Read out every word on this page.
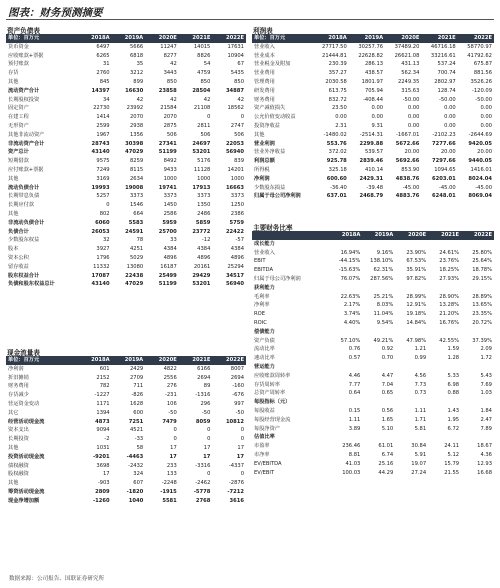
图表：财务预测摘要
资产负债表
单位：百万元	2018A	2019A	2020E	2021E	2022E
货币资金	6497	5666	11247	14015	17631
应收账款+票据	6265	6818	8277	8826	10904
预付账款	31	35	42	54	67
存货	2760	3212	3443	4759	5435
其他	845	899	850	850	850
流动资产合计	14397	16630	23858	28504	34887
长期股权投资	34	42	42	42	42
固定资产	22730	23992	21584	21108	18562
在建工程	1414	2070	2070	0	0
无形资产	2599	2938	2875	2811	2747
其他非流动资产	1967	1356	506	506	506
非流动资产合计	28743	30398	27341	24697	22053
资产总计	43140	47029	51199	53201	56940
短期借款	9575	8259	8492	5176	839
应付账款+票据	7249	8115	9433	11128	14201
其他	3169	2634	1000	1000	1000
流动负债合计	19993	19008	19741	17913	16663
长期带息负债	5257	3373	3373	3373	3373
长期应付款	0	1546	1450	1350	1250
其他	802	664	2586	2486	2386
非流动负债合计	6060	5583	5959	5859	5759
负债合计	26053	24591	25700	23772	22422
少数股东权益	32	78	33	-12	-57
股本	3927	4251	4384	4384	4384
资本公积	1796	5029	4896	4896	4896
留存收益	11332	13080	16187	20161	25294
股东权益合计	17087	22438	25499	29429	34517
负债和股东权益总计	43140	47029	51199	53201	56940
现金流量表
单位：百万元	2018A	2019A	2020E	2021E	2022E
净利润	601	2429	4822	6166	8007
折旧摊销	2152	2709	2556	2694	2694
财务费用	782	711	276	89	-160
存货减少	-1227	-826	-231	-1316	-676
营运资金变动	1171	1628	106	296	997
其它	1394	600	-50	-50	-50
经营活动现金流	4873	7251	7479	8059	10812
资本支出	9094	4521	0	0	0
长期投资	-2	-33	0	0	0
其他	1031	58	17	17	17
投资活动现金流	-9201	-4463	17	17	17
债权融资	3698	-2432	233	-3316	-4337
股权融资	17	324	133	0	0
其他	-903	607	-2248	-2462	-2876
筹资活动现金流	2809	-1820	-1915	-5778	-7212
现金净增加额	-1260	1040	5581	2768	3616
利润表
单位：百万元	2018A	2019A	2020E	2021E	2022E
营业收入	27717.50	30257.76	37489.20	46716.18	58770.97
营业成本	21444.81	22628.82	26621.08	33216.61	41792.62
营业税金及附加	230.39	286.13	431.13	537.24	675.87
营业费用	357.27	438.57	562.34	700.74	881.56
管理费用	2030.58	1801.97	2249.35	2802.97	3526.26
研发费用	613.75	705.94	315.63	128.74	-120.09
财务费用	832.72	-408.44	-50.00	-50.00	-50.00
资产减值损失	23.50	0.00	0.00	0.00	0.00
公允价值变动收益	0.00	0.00	0.00	0.00	0.00
投资净收益	2.31	9.31	0.00	0.00	0.00
其他	-1480.02	-2514.31	-1667.01	-2102.23	-2644.69
营业利润	553.76	2299.88	5672.66	7277.66	9420.05
营业外净收益	372.02	539.57	20.00	20.00	20.00
利润总额	925.78	2839.46	5692.66	7297.66	9440.05
所得税	325.18	410.14	853.90	1094.65	1416.01
净利润	600.60	2429.31	4838.76	6203.01	8024.04
少数股东损益	-36.40	-39.48	-45.00	-45.00	-45.00
归属于母公司净利润	637.01	2468.79	4883.76	6248.01	8069.04
主要财务比率
	2018A	2019A	2020E	2021E	2022E
成长能力					
营业收入	16.94%	9.16%	23.90%	24.61%	25.80%
EBIT	-44.15%	138.10%	67.53%	23.76%	25.64%
EBITDA	-15.63%	62.31%	35.91%	18.25%	18.78%
归属于母公司净利润	76.07%	287.56%	97.82%	27.93%	29.15%
获利能力					
毛利率	22.63%	25.21%	28.99%	28.90%	28.89%
净利率	2.17%	8.03%	12.91%	13.28%	13.65%
ROE	3.74%	11.04%	19.18%	21.20%	23.35%
ROIC	4.40%	9.54%	14.84%	16.76%	20.72%
偿债能力					
资产负债	57.10%	49.21%	47.98%	42.55%	37.39%
流动比率	0.76	0.92	1.21	1.59	2.09
速动比率	0.57	0.70	0.99	1.28	1.72
营运能力					
应收账款周转率	4.46	4.47	4.56	5.33	5.43
存货周转率	7.77	7.04	7.73	6.98	7.69
总资产周转率	0.64	0.65	0.73	0.88	1.03
每股指标（元）					
每股收益	0.15	0.56	1.11	1.43	1.84
每股经营现金流	1.11	1.65	1.71	1.95	2.47
每股净资产	3.89	5.10	5.81	6.72	7.89
估值比率					
市盈率	236.46	61.01	30.84	24.11	18.67
市净率	8.81	6.74	5.91	5.12	4.36
EV/EBITDA	41.03	25.16	19.07	15.79	12.93
EV/EBIT	100.03	44.29	27.24	21.55	16.68
数据来源：公司报告、国联证券研究所
